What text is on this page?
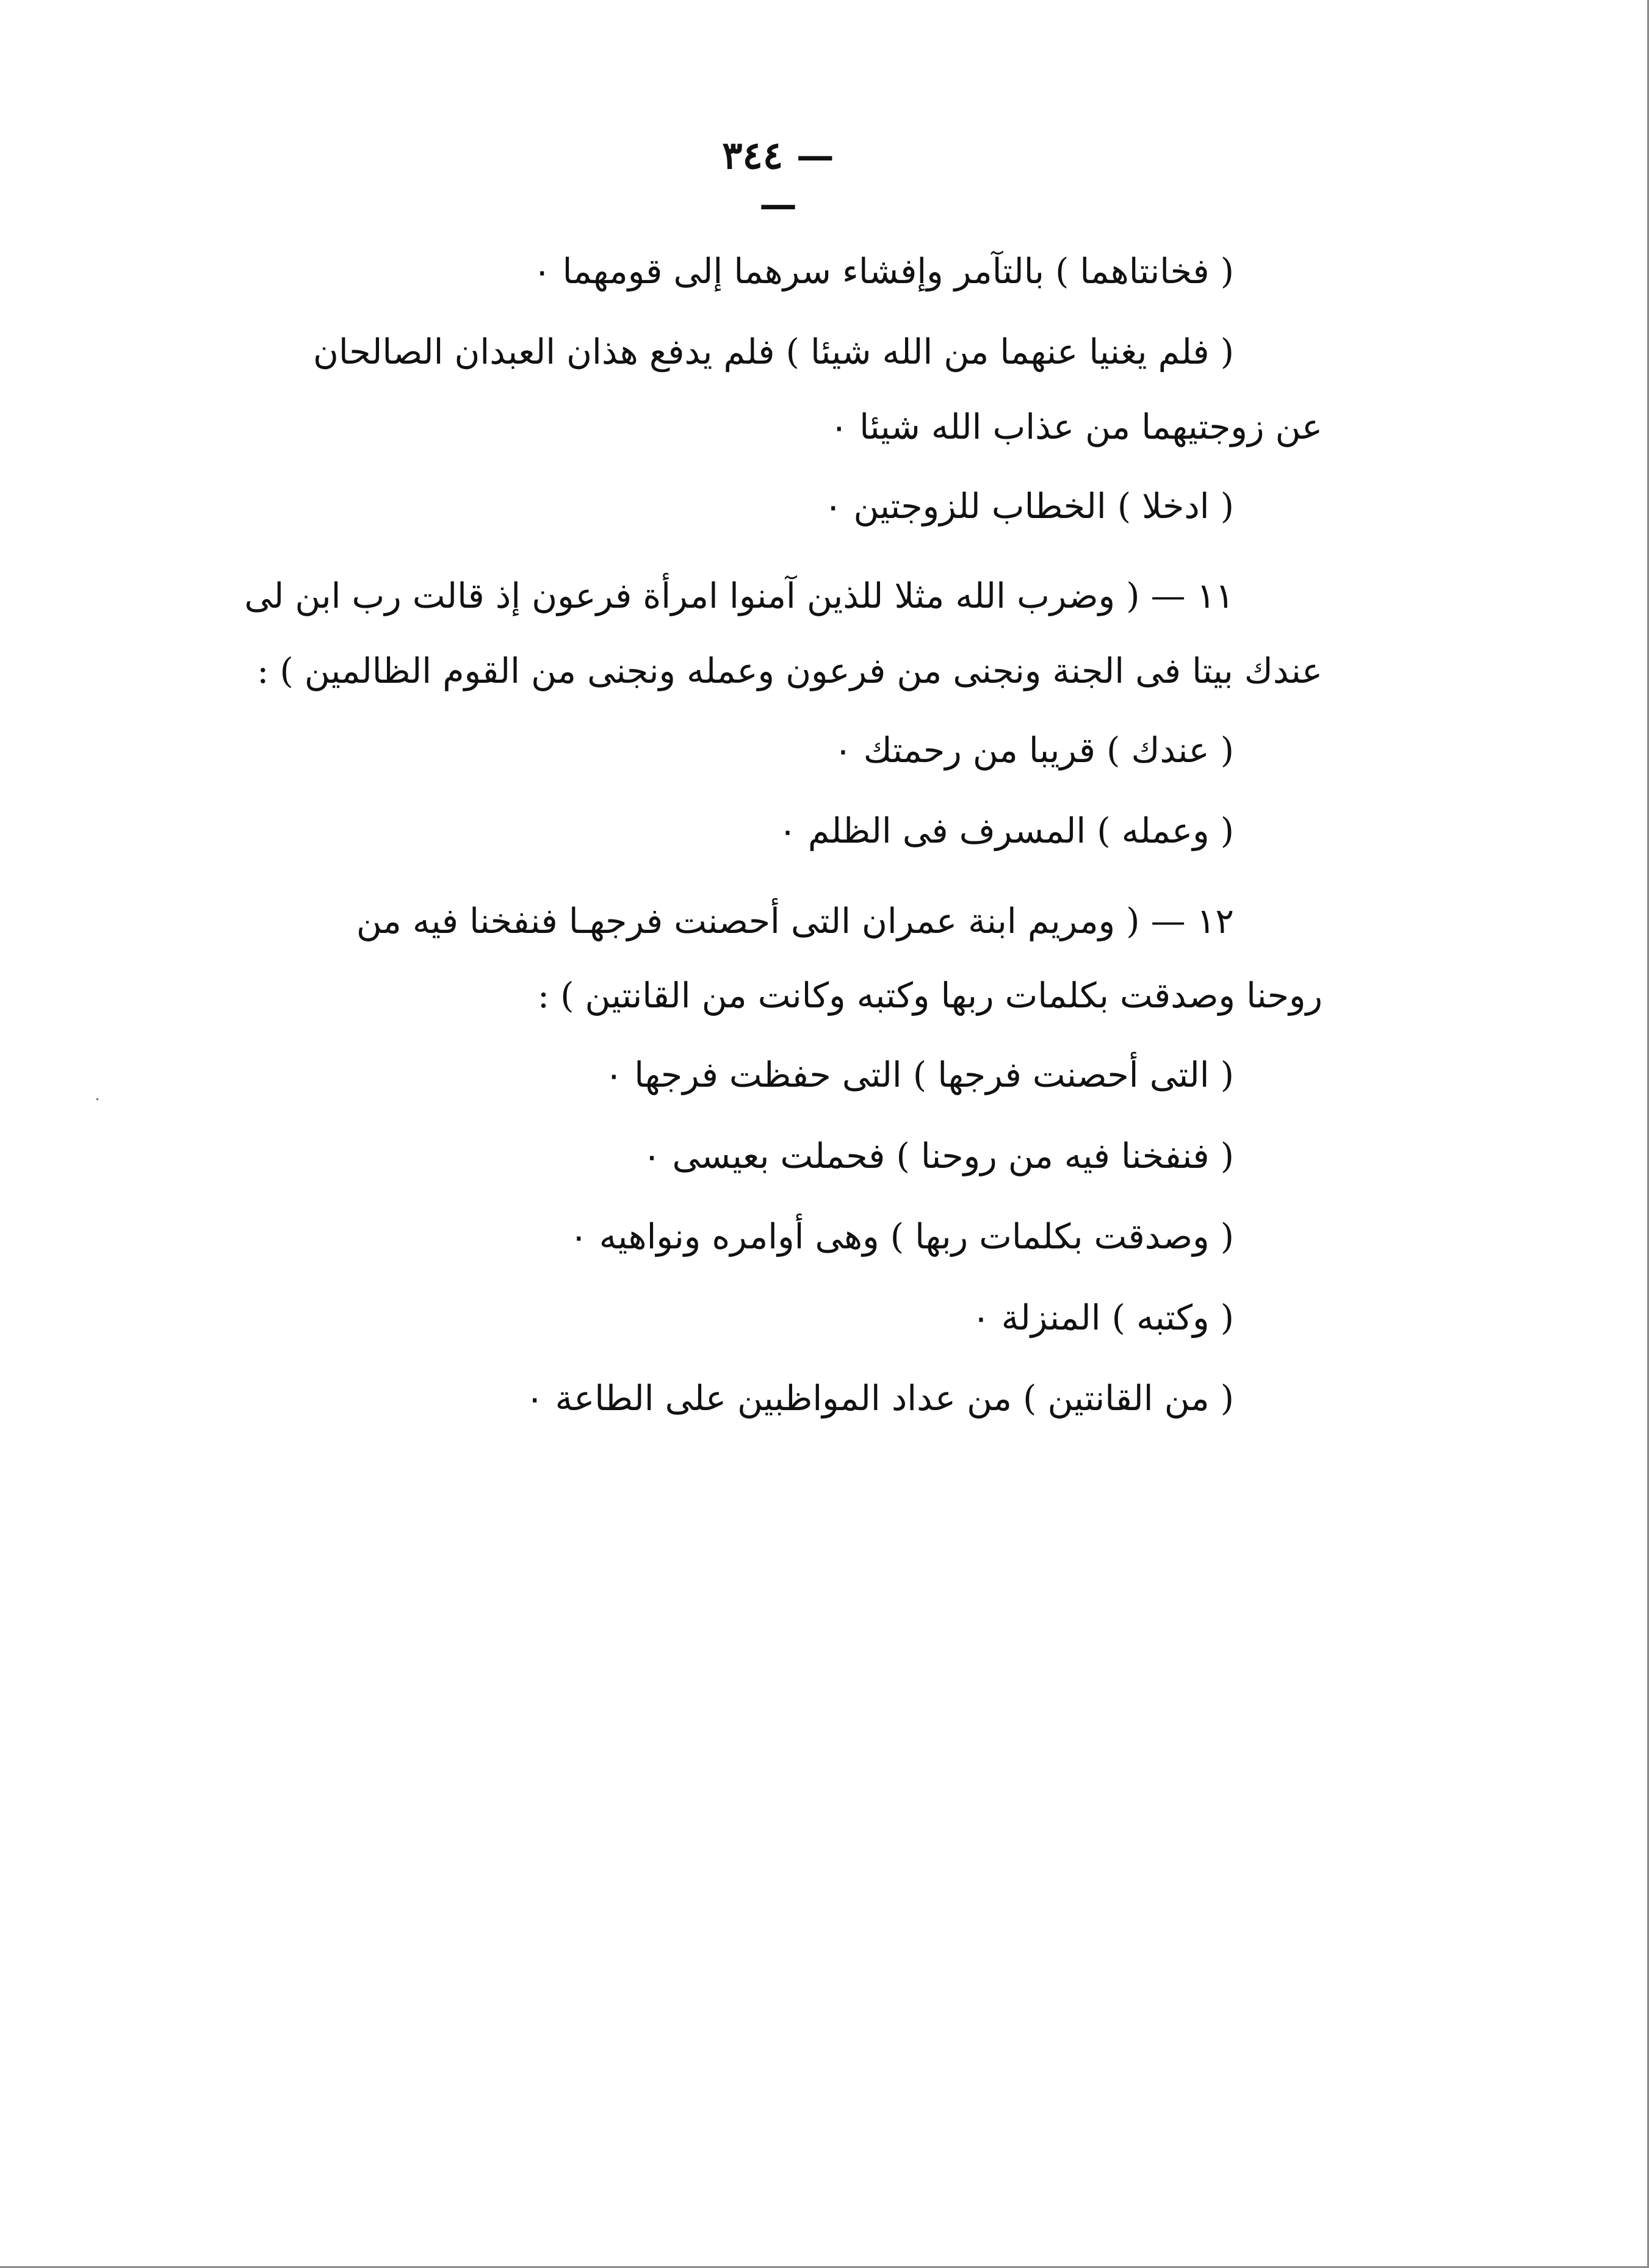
— ٣٤٤ —
( فخانتاهما ) بالتآمر وإفشاء سرهما إلى قومهما ٠
( فلم يغنيا عنهما من الله شيئا ) فلم يدفع هذان العبدان الصالحان
عن زوجتيهما من عذاب الله شيئا ٠
( ادخلا ) الخطاب للزوجتين ٠
١١ — ( وضرب الله مثلا للذين آمنوا امرأة فرعون إذ قالت رب ابن لى
عندك بيتا فى الجنة ونجنى من فرعون وعمله ونجنى من القوم الظالمين ) :
( عندك ) قريبا من رحمتك ٠
( وعمله ) المسرف فى الظلم ٠
١٢ — ( ومريم ابنة عمران التى أحصنت فرجهـا فنفخنا فيه من
روحنا وصدقت بكلمات ربها وكتبه وكانت من القانتين ) :
( التى أحصنت فرجها ) التى حفظت فرجها ٠
( فنفخنا فيه من روحنا ) فحملت بعيسى ٠
( وصدقت بكلمات ربها ) وهى أوامره ونواهيه ٠
( وكتبه ) المنزلة ٠
( من القانتين ) من عداد المواظبين على الطاعة ٠
